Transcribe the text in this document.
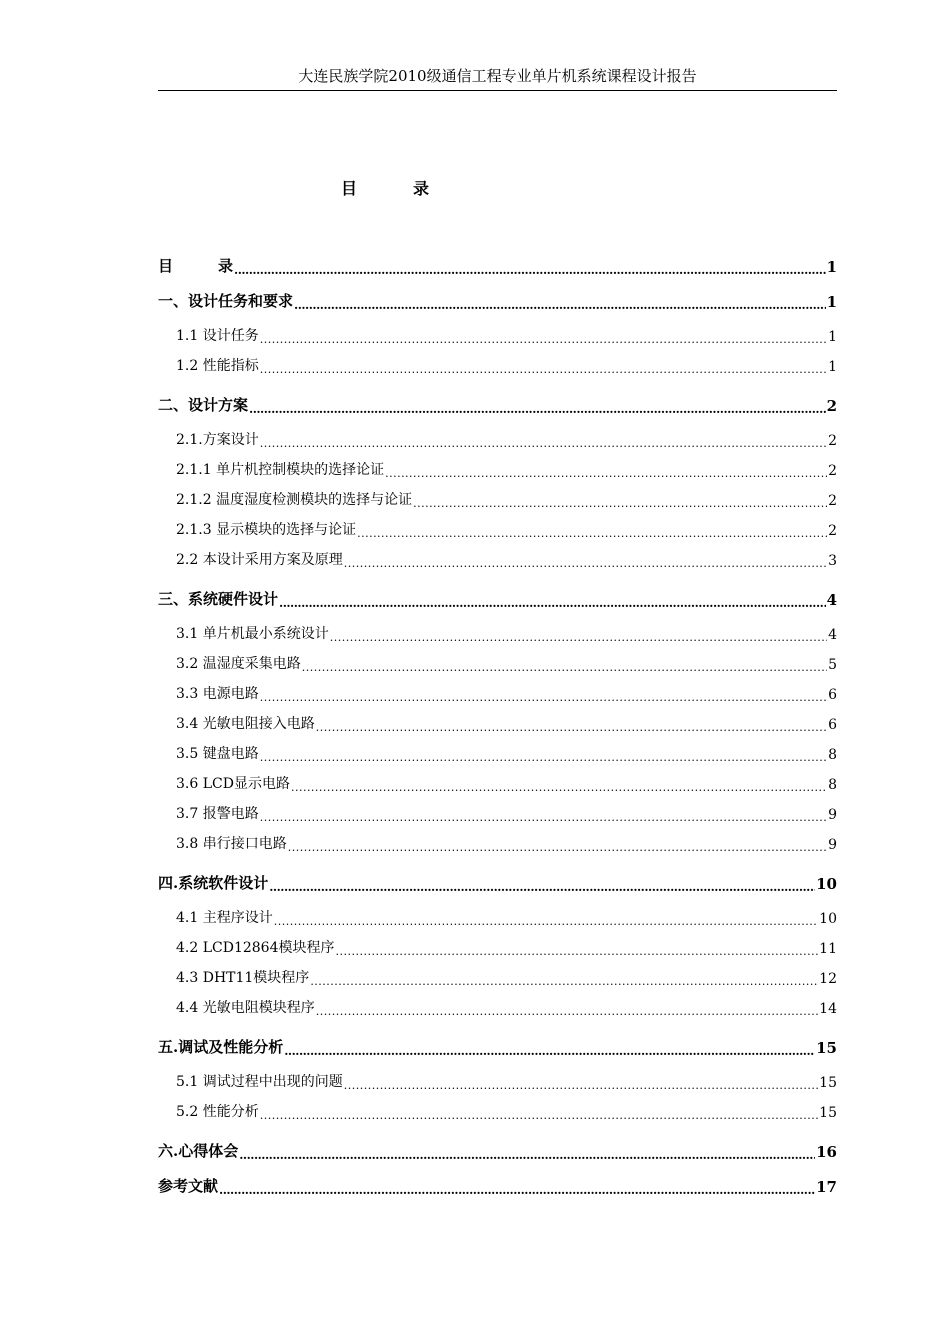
大连民族学院2010级通信工程专业单片机系统课程设计报告
目	录
目　　　录 .....	1
一、设计任务和要求 .....	1
1.1 设计任务 .....	1
1.2 性能指标 .....	1
二、设计方案 .....	2
2.1.方案设计 .....	2
2.1.1 单片机控制模块的选择论证 .....	2
2.1.2 温度湿度检测模块的选择与论证 .....	2
2.1.3 显示模块的选择与论证 .....	2
2.2 本设计采用方案及原理 .....	3
三、系统硬件设计 .....	4
3.1 单片机最小系统设计 .....	4
3.2 温湿度采集电路 .....	5
3.3 电源电路 .....	6
3.4 光敏电阻接入电路 .....	6
3.5 键盘电路 .....	8
3.6 LCD显示电路 .....	8
3.7 报警电路 .....	9
3.8 串行接口电路 .....	9
四.系统软件设计 .....	10
4.1 主程序设计 .....	10
4.2 LCD12864模块程序 .....	11
4.3 DHT11模块程序 .....	12
4.4 光敏电阻模块程序 .....	14
五.调试及性能分析 .....	15
5.1 调试过程中出现的问题 .....	15
5.2 性能分析 .....	15
六.心得体会 .....	16
参考文献 .....	17
